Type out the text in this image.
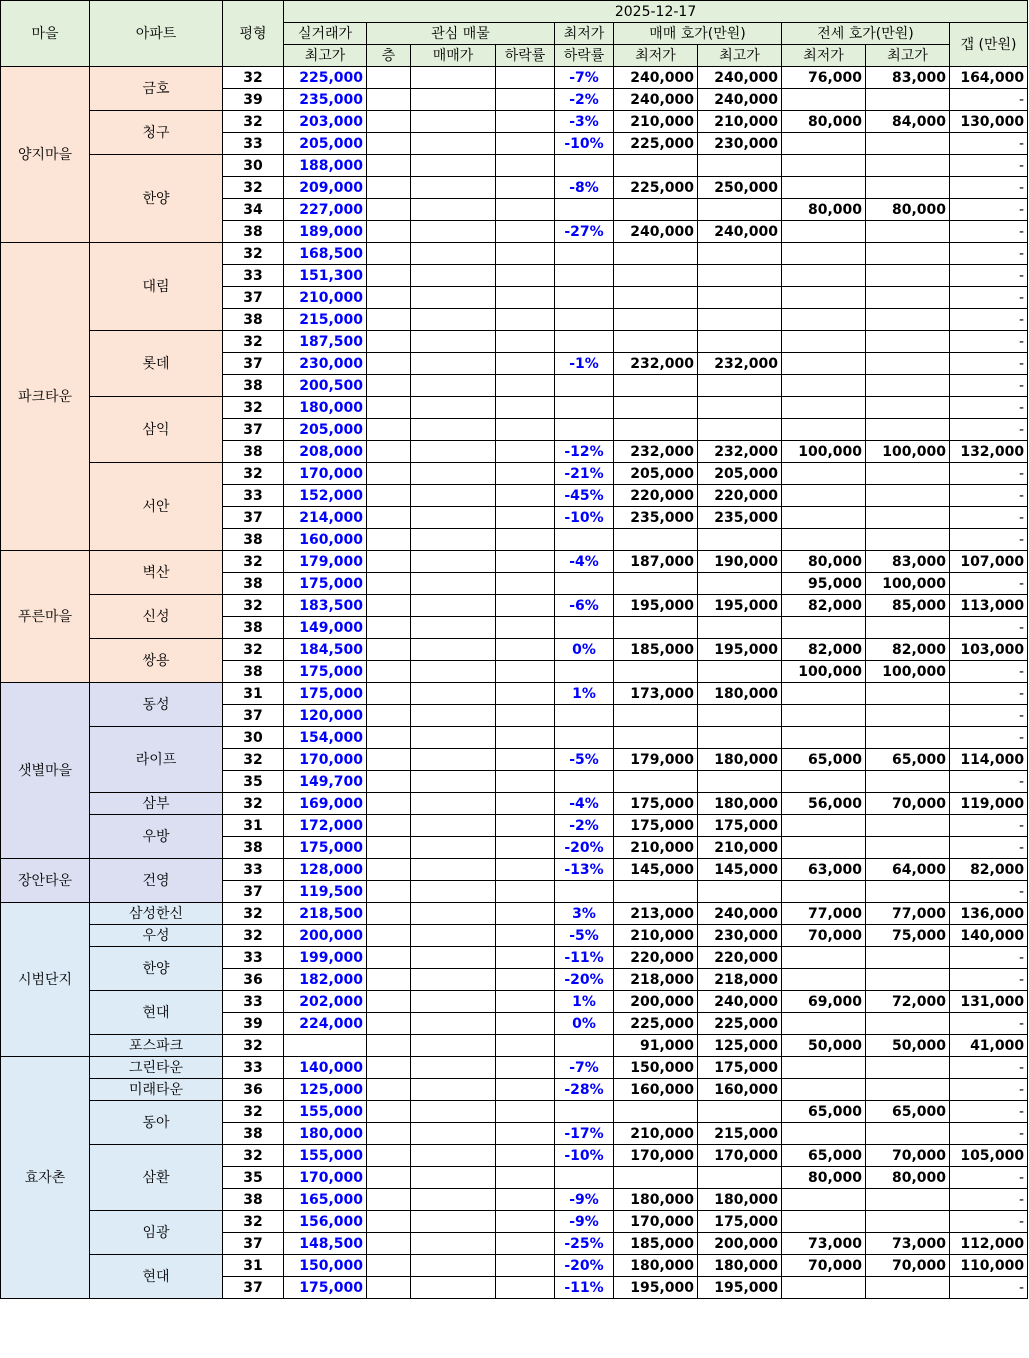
마을	아파트	평형	2025-12-17									
			실거래가	관심 매물			최저가	매매 호가(만원)		전세 호가(만원)		갭 (만원)
			최고가	층	매매가	하락률	하락률	최저가	최고가	최저가	최고가	
양지마을	금호	32	225,000				-7%	240,000	240,000	76,000	83,000	164,000
		39	235,000				-2%	240,000	240,000			-
	청구	32	203,000				-3%	210,000	210,000	80,000	84,000	130,000
		33	205,000				-10%	225,000	230,000			-
	한양	30	188,000									-
		32	209,000				-8%	225,000	250,000			-
		34	227,000							80,000	80,000	-
		38	189,000				-27%	240,000	240,000			-
파크타운	대림	32	168,500									-
		33	151,300									-
		37	210,000									-
		38	215,000									-
	롯데	32	187,500									-
		37	230,000				-1%	232,000	232,000			-
		38	200,500									-
	삼익	32	180,000									-
		37	205,000									-
		38	208,000				-12%	232,000	232,000	100,000	100,000	132,000
	서안	32	170,000				-21%	205,000	205,000			-
		33	152,000				-45%	220,000	220,000			-
		37	214,000				-10%	235,000	235,000			-
		38	160,000									-
푸른마을	벽산	32	179,000				-4%	187,000	190,000	80,000	83,000	107,000
		38	175,000							95,000	100,000	-
	신성	32	183,500				-6%	195,000	195,000	82,000	85,000	113,000
		38	149,000									-
	쌍용	32	184,500				0%	185,000	195,000	82,000	82,000	103,000
		38	175,000							100,000	100,000	-
샛별마을	동성	31	175,000				1%	173,000	180,000			-
		37	120,000									-
	라이프	30	154,000									-
		32	170,000				-5%	179,000	180,000	65,000	65,000	114,000
		35	149,700									-
	삼부	32	169,000				-4%	175,000	180,000	56,000	70,000	119,000
	우방	31	172,000				-2%	175,000	175,000			-
		38	175,000				-20%	210,000	210,000			-
장안타운	건영	33	128,000				-13%	145,000	145,000	63,000	64,000	82,000
		37	119,500									-
시범단지	삼성한신	32	218,500				3%	213,000	240,000	77,000	77,000	136,000
	우성	32	200,000				-5%	210,000	230,000	70,000	75,000	140,000
	한양	33	199,000				-11%	220,000	220,000			-
		36	182,000				-20%	218,000	218,000			-
	현대	33	202,000				1%	200,000	240,000	69,000	72,000	131,000
		39	224,000				0%	225,000	225,000			-
	포스파크	32						91,000	125,000	50,000	50,000	41,000
효자촌	그린타운	33	140,000				-7%	150,000	175,000			-
	미래타운	36	125,000				-28%	160,000	160,000			-
	동아	32	155,000							65,000	65,000	-
		38	180,000				-17%	210,000	215,000			-
	삼환	32	155,000				-10%	170,000	170,000	65,000	70,000	105,000
		35	170,000							80,000	80,000	-
		38	165,000				-9%	180,000	180,000			-
	임광	32	156,000				-9%	170,000	175,000			-
		37	148,500				-25%	185,000	200,000	73,000	73,000	112,000
	현대	31	150,000				-20%	180,000	180,000	70,000	70,000	110,000
		37	175,000				-11%	195,000	195,000			-
